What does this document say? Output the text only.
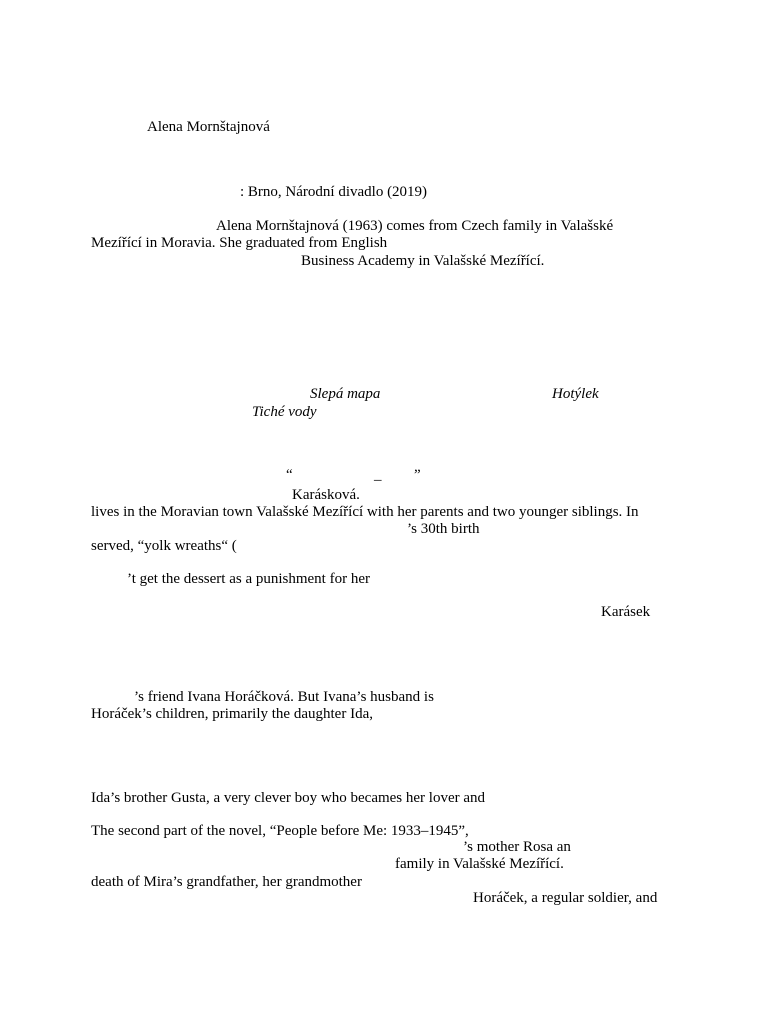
Alena Mornštajnová
: Brno, Národní divadlo (2019)
Alena Mornštajnová (1963) comes from Czech family in Valašské
Mezířící in Moravia. She graduated from English
Business Academy in Valašské Mezířící.
Slepá mapa	Hotýlek
Tiché vody
“	_ ”
Karásková.
lives in the Moravian town Valašské Mezířící with her parents and two younger siblings. In
’s 30th birth
served, “yolk wreaths“ (
’t get the dessert as a punishment for her
Karásek
’s friend Ivana Horáčková. But Ivana’s husband is
Horáček’s children, primarily the daughter Ida,
Ida’s brother Gusta, a very clever boy who becames her lover and
The second part of the novel, “People before Me: 1933–1945”,
’s mother Rosa an
family in Valašské Mezířící.
death of Mira’s grandfather, her grandmother
Horáček, a regular soldier, and
